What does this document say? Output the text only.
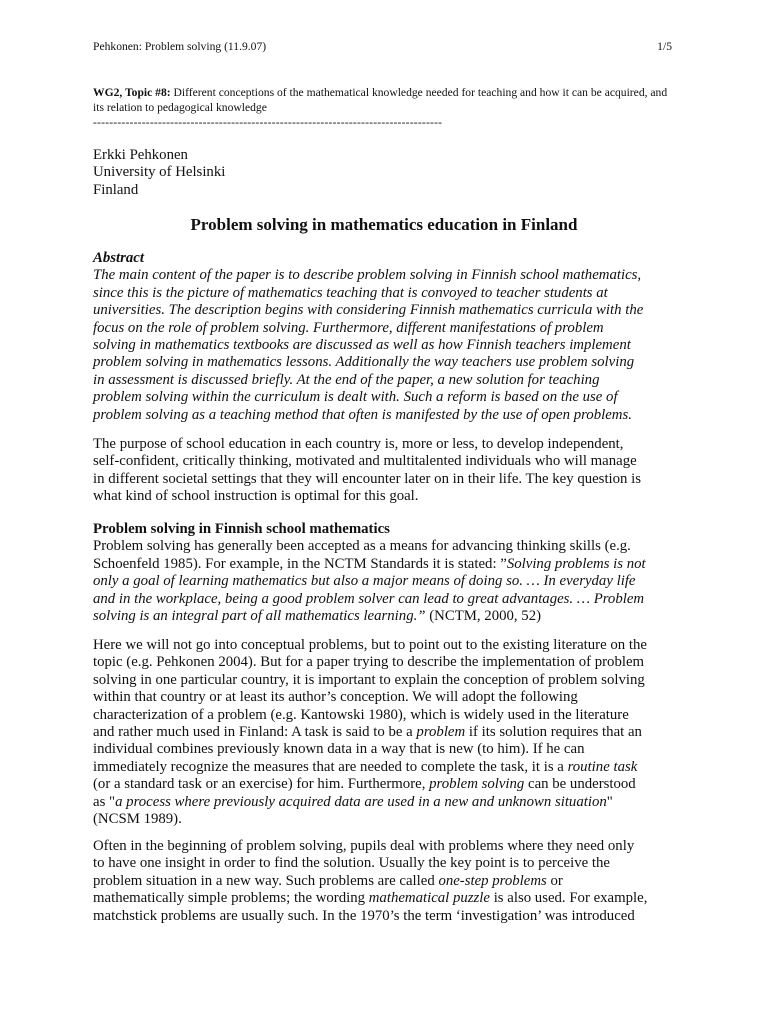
Pehkonen: Problem solving (11.9.07)	1/5
WG2, Topic #8: Different conceptions of the mathematical knowledge needed for teaching and how it can be acquired, and its relation to pedagogical knowledge
--------------------------------------------------------------------------------------
Erkki Pehkonen
University of Helsinki
Finland
Problem solving in mathematics education in Finland
Abstract
The main content of the paper is to describe problem solving in Finnish school mathematics,
since this is the picture of mathematics teaching that is convoyed to teacher students at
universities. The description begins with considering Finnish mathematics curricula with the
focus on the role of problem solving. Furthermore, different manifestations of problem
solving in mathematics textbooks are discussed as well as how Finnish teachers implement
problem solving in mathematics lessons. Additionally the way teachers use problem solving
in assessment is discussed briefly. At the end of the paper, a new solution for teaching
problem solving within the curriculum is dealt with. Such a reform is based on the use of
problem solving as a teaching method that often is manifested by the use of open problems.
The purpose of school education in each country is, more or less, to develop independent,
self-confident, critically thinking, motivated and multitalented individuals who will manage
in different societal settings that they will encounter later on in their life. The key question is
what kind of school instruction is optimal for this goal.
Problem solving in Finnish school mathematics
Problem solving has generally been accepted as a means for advancing thinking skills (e.g.
Schoenfeld 1985). For example, in the NCTM Standards it is stated: ”Solving problems is not
only a goal of learning mathematics but also a major means of doing so. … In everyday life
and in the workplace, being a good problem solver can lead to great advantages. … Problem
solving is an integral part of all mathematics learning.” (NCTM, 2000, 52)
Here we will not go into conceptual problems, but to point out to the existing literature on the
topic (e.g. Pehkonen 2004). But for a paper trying to describe the implementation of problem
solving in one particular country, it is important to explain the conception of problem solving
within that country or at least its author’s conception. We will adopt the following
characterization of a problem (e.g. Kantowski 1980), which is widely used in the literature
and rather much used in Finland: A task is said to be a problem if its solution requires that an
individual combines previously known data in a way that is new (to him). If he can
immediately recognize the measures that are needed to complete the task, it is a routine task
(or a standard task or an exercise) for him. Furthermore, problem solving can be understood
as "a process where previously acquired data are used in a new and unknown situation"
(NCSM 1989).
Often in the beginning of problem solving, pupils deal with problems where they need only
to have one insight in order to find the solution. Usually the key point is to perceive the
problem situation in a new way. Such problems are called one-step problems or
mathematically simple problems; the wording mathematical puzzle is also used. For example,
matchstick problems are usually such. In the 1970’s the term ‘investigation’ was introduced
